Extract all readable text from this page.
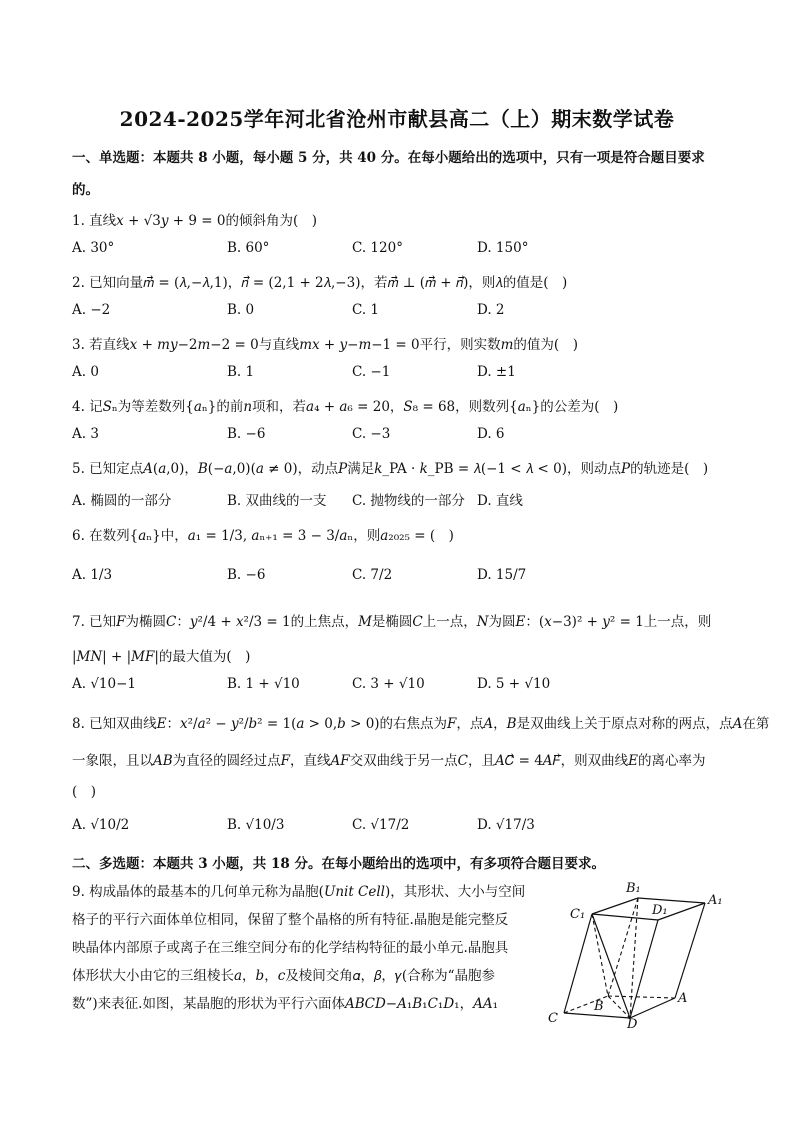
2024-2025学年河北省沧州市献县高二（上）期末数学试卷
一、单选题：本题共 8 小题，每小题 5 分，共 40 分。在每小题给出的选项中，只有一项是符合题目要求
的。
1. 直线𝑥 + √3𝑦 + 9 = 0的倾斜角为(　)
A. 30°	B. 60°	C. 120°	D. 150°
2. 已知向量𝑚⃗ = (𝜆,−𝜆,1)，𝑛⃗ = (2,1 + 2𝜆,−3)，若𝑚⃗ ⊥ (𝑚⃗ + 𝑛⃗)，则𝜆的值是(　)
A. −2	B. 0	C. 1	D. 2
3. 若直线𝑥 + 𝑚𝑦−2𝑚−2 = 0与直线𝑚𝑥 + 𝑦−𝑚−1 = 0平行，则实数𝑚的值为(　)
A. 0	B. 1	C. −1	D. ±1
4. 记𝑆ₙ为等差数列{𝑎ₙ}的前𝑛项和，若𝑎₄ + 𝑎₆ = 20，𝑆₈ = 68，则数列{𝑎ₙ}的公差为(　)
A. 3	B. −6	C. −3	D. 6
5. 已知定点𝐴(𝑎,0)，𝐵(−𝑎,0)(𝑎 ≠ 0)，动点𝑃满足𝑘_PA · 𝑘_PB = 𝜆(−1 < 𝜆 < 0)，则动点𝑃的轨迹是(　)
A. 椭圆的一部分	B. 双曲线的一支 C. 抛物线的一部分 D. 直线
6. 在数列{𝑎ₙ}中，𝑎₁ = 1/3, 𝑎ₙ₊₁ = 3 − 3/𝑎ₙ，则𝑎₂₀₂₅ = (　)
A. 1/3	B. −6	C. 7/2	D. 15/7
7. 已知𝐹为椭圆𝐶：𝑦²/4 + 𝑥²/3 = 1的上焦点，𝑀是椭圆𝐶上一点，𝑁为圆𝐸：(𝑥−3)² + 𝑦² = 1上一点，则
|𝑀𝑁| + |𝑀𝐹|的最大值为(　)
A. √10−1	B. 1 + √10	C. 3 + √10	D. 5 + √10
8. 已知双曲线𝐸：𝑥²/𝑎² − 𝑦²/𝑏² = 1(𝑎 > 0,𝑏 > 0)的右焦点为𝐹，点𝐴，𝐵是双曲线上关于原点对称的两点，点𝐴在第
一象限，且以𝐴𝐵为直径的圆经过点𝐹，直线𝐴𝐹交双曲线于另一点𝐶，且𝐴𝐶⃗ = 4𝐴𝐹⃗，则双曲线𝐸的离心率为
(　)
A. √10/2	B. √10/3	C. √17/2	D. √17/3
二、多选题：本题共 3 小题，共 18 分。在每小题给出的选项中，有多项符合题目要求。
9. 构成晶体的最基本的几何单元称为晶胞(𝑈𝑛𝑖𝑡 𝐶𝑒𝑙𝑙)，其形状、大小与空间
格子的平行六面体单位相同，保留了整个晶格的所有特征.晶胞是能完整反
映晶体内部原子或离子在三维空间分布的化学结构特征的最小单元.晶胞具
体形状大小由它的三组棱长𝑎，𝑏，𝑐及棱间交角𝛼，𝛽，𝛾(合称为“晶胞参
数”)来表征.如图，某晶胞的形状为平行六面体𝐴𝐵𝐶𝐷−𝐴₁𝐵₁𝐶₁𝐷₁，𝐴𝐴₁
B₁
A₁
C₁	D₁
A
B
C	D
